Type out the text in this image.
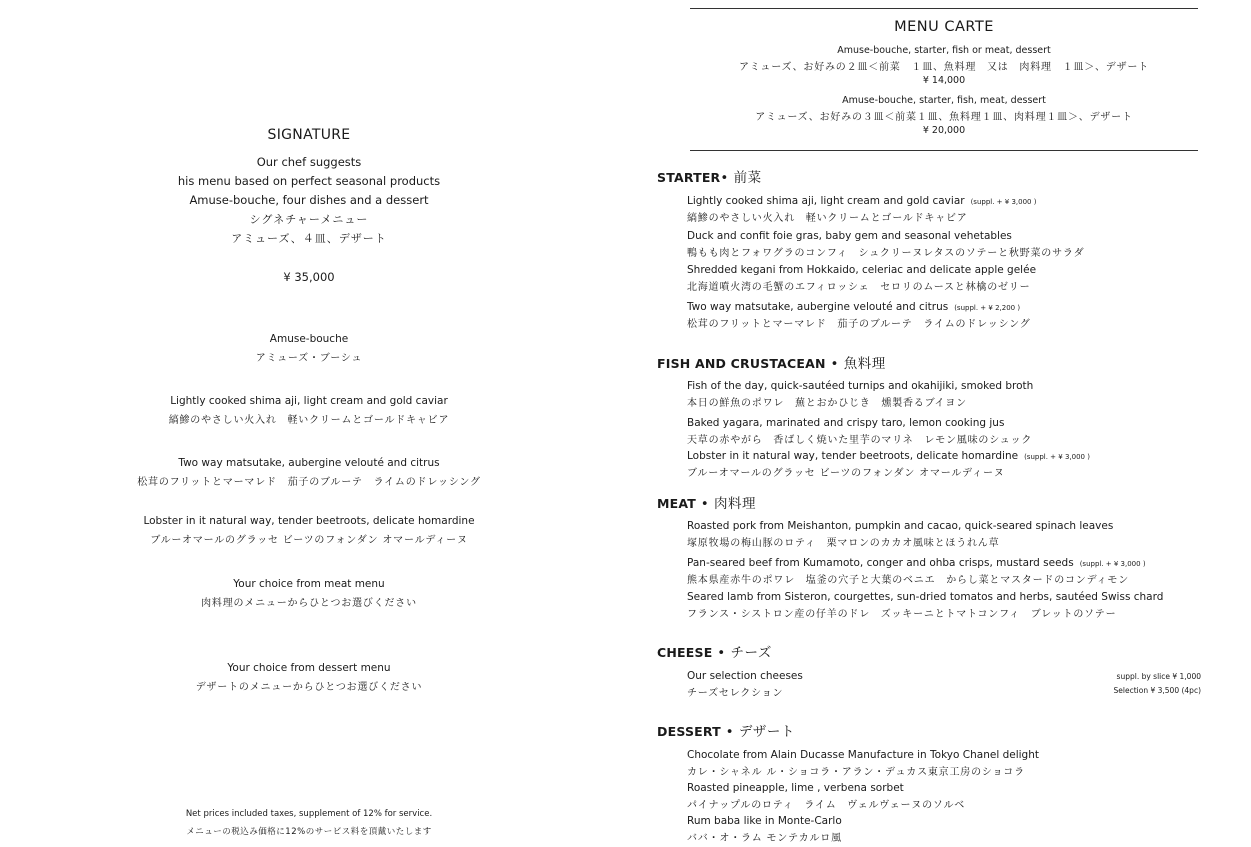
SIGNATURE
Our chef suggests
his menu based on perfect seasonal products
Amuse-bouche, four dishes and a dessert
シグネチャーメニュー
アミューズ、４皿、デザート
¥ 35,000
Amuse-bouche
アミューズ・ブーシュ
Lightly cooked shima aji, light cream and gold caviar
縞鯵のやさしい火入れ　軽いクリームとゴールドキャビア
Two way matsutake, aubergine velouté and citrus
松茸のフリットとマーマレド　茄子のブルーテ　ライムのドレッシング
Lobster in it natural way, tender beetroots, delicate homardine
ブルーオマールのグラッセ ビーツのフォンダン オマールディーヌ
Your choice from meat menu
肉料理のメニューからひとつお選びください
Your choice from dessert menu
デザートのメニューからひとつお選びください
Net prices included taxes, supplement of 12% for service.
メニューの税込み価格に12%のサービス料を頂戴いたします
MENU CARTE
Amuse-bouche, starter, fish or meat, dessert
アミューズ、お好みの２皿＜前菜　１皿、魚料理　又は　肉料理　１皿＞、デザート
¥ 14,000
Amuse-bouche, starter, fish, meat, dessert
アミューズ、お好みの３皿＜前菜１皿、魚料理１皿、肉料理１皿＞、デザート
¥ 20,000
STARTER• 前菜
Lightly cooked shima aji, light cream and gold caviar (suppl. + ¥ 3,000 )
縞鯵のやさしい火入れ　軽いクリームとゴールドキャビア
Duck and confit foie gras, baby gem and seasonal vehetables
鴨もも肉とフォワグラのコンフィ　シュクリーヌレタスのソテーと秋野菜のサラダ
Shredded kegani from Hokkaido, celeriac and delicate apple gelée
北海道噴火湾の毛蟹のエフィロッシェ　セロリのムースと林檎のゼリー
Two way matsutake, aubergine velouté and citrus (suppl. + ¥ 2,200 )
松茸のフリットとマーマレド　茄子のブルーテ　ライムのドレッシング
FISH AND CRUSTACEAN • 魚料理
Fish of the day, quick-sautéed turnips and okahijiki, smoked broth
本日の鮮魚のポワレ　蕪とおかひじき　燻製香るブイヨン
Baked yagara, marinated and crispy taro, lemon cooking jus
天草の赤やがら　香ばしく焼いた里芋のマリネ　レモン風味のシュック
Lobster in it natural way, tender beetroots, delicate homardine (suppl. + ¥ 3,000 )
ブルーオマールのグラッセ ビーツのフォンダン オマールディーヌ
MEAT • 肉料理
Roasted pork from Meishanton, pumpkin and cacao, quick-seared spinach leaves
塚原牧場の梅山豚のロティ　栗マロンのカカオ風味とほうれん草
Pan-seared beef from Kumamoto, conger and ohba crisps, mustard seeds (suppl. + ¥ 3,000 )
熊本県産赤牛のポワレ　塩釜の穴子と大葉のベニエ　からし菜とマスタードのコンディモン
Seared lamb from Sisteron, courgettes, sun-dried tomatos and herbs, sautéed Swiss chard
フランス・シストロン産の仔羊のドレ　ズッキーニとトマトコンフィ　ブレットのソテー
CHEESE • チーズ
Our selection cheeses
チーズセレクション
suppl. by slice ¥ 1,000
Selection ¥ 3,500 (4pc)
DESSERT • デザート
Chocolate from Alain Ducasse Manufacture in Tokyo Chanel delight
カレ・シャネル ル・ショコラ・アラン・デュカス東京工房のショコラ
Roasted pineapple, lime , verbena sorbet
パイナップルのロティ　ライム　ヴェルヴェーヌのソルベ
Rum baba like in Monte-Carlo
ババ・オ・ラム モンテカルロ風
